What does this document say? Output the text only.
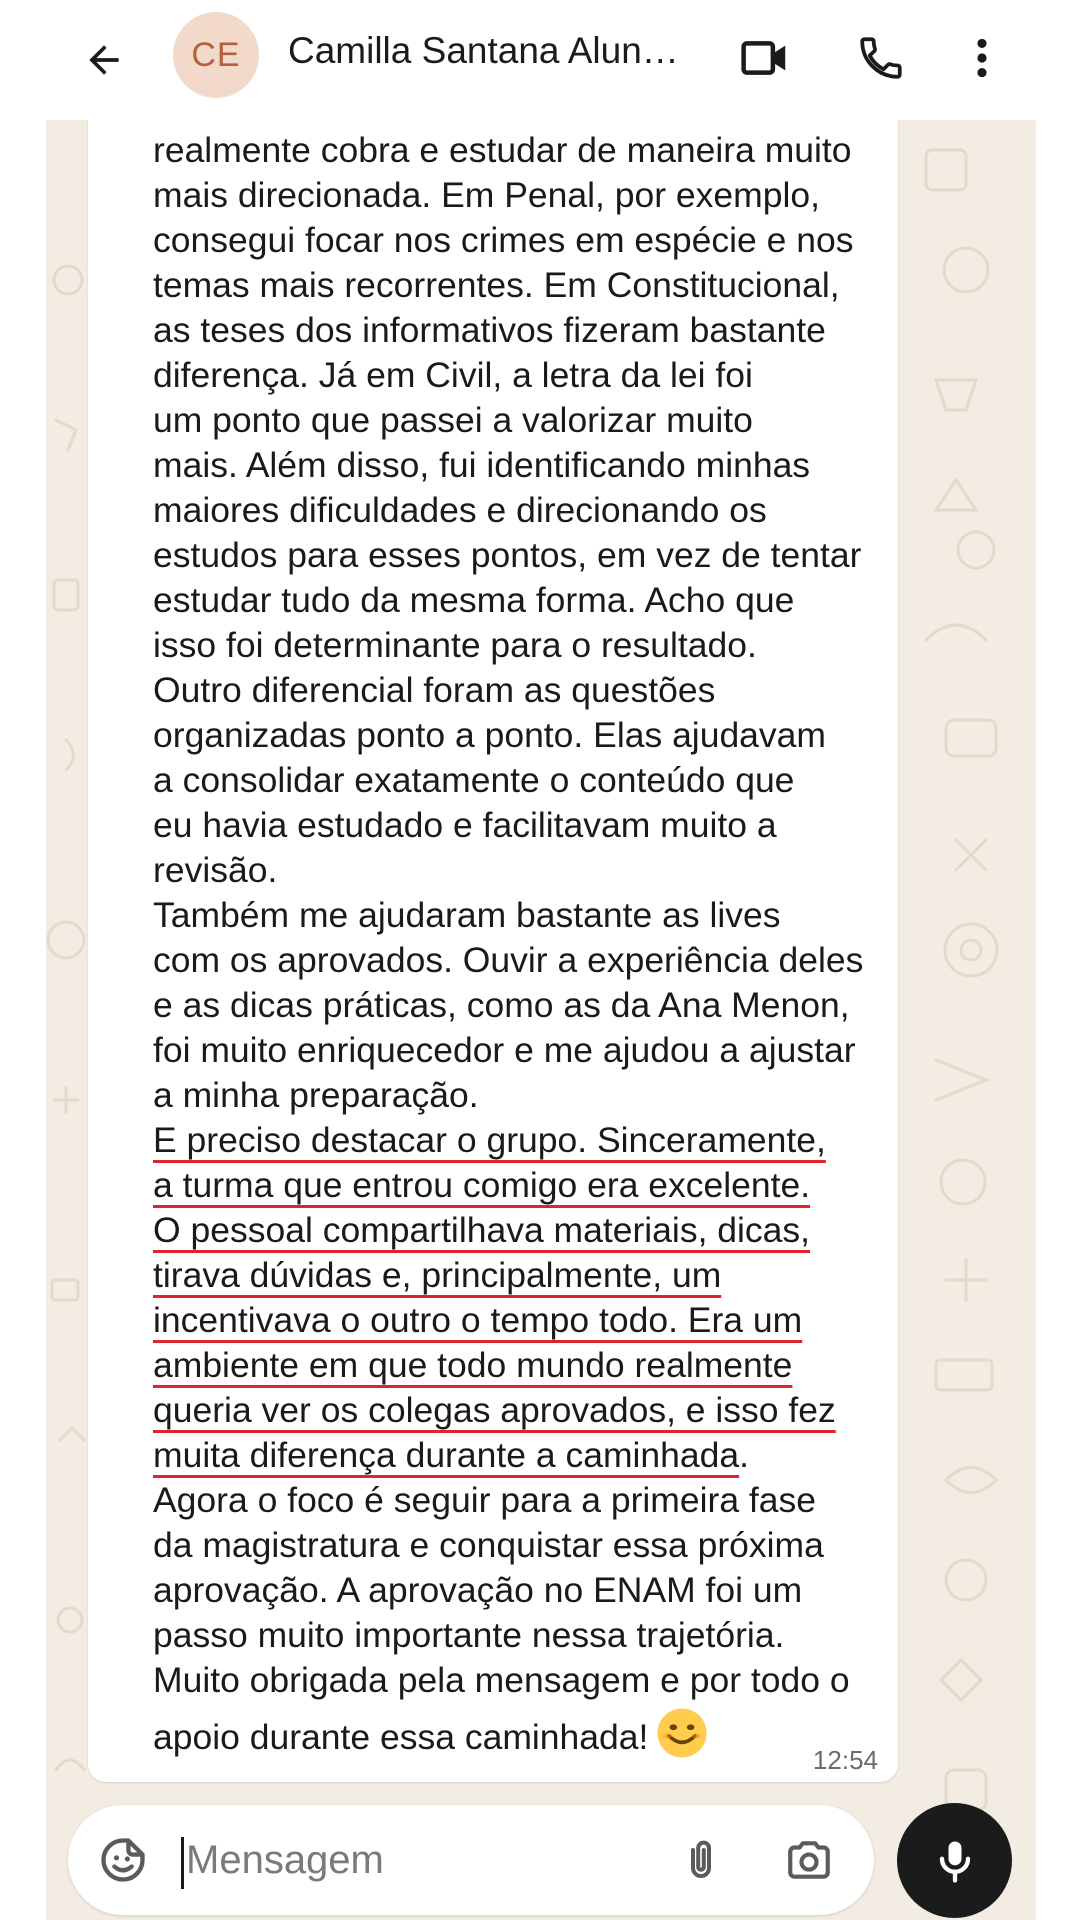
CE Camilla Santana Alun…
realmente cobra e estudar de maneira muito
mais direcionada. Em Penal, por exemplo,
consegui focar nos crimes em espécie e nos
temas mais recorrentes. Em Constitucional,
as teses dos informativos fizeram bastante
diferença. Já em Civil, a letra da lei foi
um ponto que passei a valorizar muito
mais. Além disso, fui identificando minhas
maiores dificuldades e direcionando os
estudos para esses pontos, em vez de tentar
estudar tudo da mesma forma. Acho que
isso foi determinante para o resultado.
Outro diferencial foram as questões
organizadas ponto a ponto. Elas ajudavam
a consolidar exatamente o conteúdo que
eu havia estudado e facilitavam muito a
revisão.
Também me ajudaram bastante as lives
com os aprovados. Ouvir a experiência deles
e as dicas práticas, como as da Ana Menon,
foi muito enriquecedor e me ajudou a ajustar
a minha preparação.
E preciso destacar o grupo. Sinceramente,
a turma que entrou comigo era excelente.
O pessoal compartilhava materiais, dicas,
tirava dúvidas e, principalmente, um
incentivava o outro o tempo todo. Era um
ambiente em que todo mundo realmente
queria ver os colegas aprovados, e isso fez
muita diferença durante a caminhada.
Agora o foco é seguir para a primeira fase
da magistratura e conquistar essa próxima
aprovação. A aprovação no ENAM foi um
passo muito importante nessa trajetória.
Muito obrigada pela mensagem e por todo o
apoio durante essa caminhada!
12:54
Mensagem
